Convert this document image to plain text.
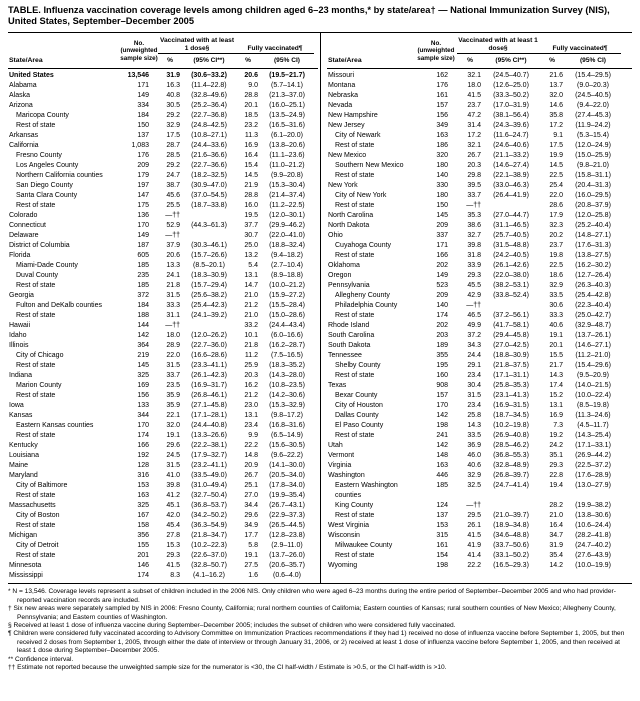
TABLE. Influenza vaccination coverage levels among children aged 6–23 months,* by state/area† — National Immunization Survey (NIS), United States, September–December 2005
State/Area
No. (unweighted sample size)
Vaccinated with at least 1 dose§	Fully vaccinated¶
%	(95% CI**)	%	(95% CI)
United States	13,546	31.9	(30.6–33.2)	20.6	(19.5–21.7)
Alabama	171	16.3	(11.4–22.8)	9.0	(5.7–14.1)
Alaska	149	40.8	(32.8–49.6)	28.8	(21.3–37.0)
Arizona	334	30.5	(25.2–36.4)	20.1	(16.0–25.1)
Maricopa County	184	29.2	(22.7–36.8)	18.5	(13.5–24.9)
Rest of state	150	32.9	(24.8–42.5)	23.2	(16.5–31.6)
Arkansas	137	17.5	(10.8–27.1)	11.3	(6.1–20.0)
California	1,083	28.7	(24.4–33.6)	16.9	(13.8–20.6)
Fresno County	176	28.5	(21.6–36.6)	16.4	(11.1–23.6)
Los Angeles County	209	29.2	(22.7–36.6)	15.4	(11.0–21.2)
Northern California counties	179	24.7	(18.2–32.5)	14.5	(9.9–20.8)
San Diego County	197	38.7	(30.9–47.0)	21.9	(15.3–30.4)
Santa Clara County	147	45.6	(37.0–54.5)	28.8	(21.4–37.4)
Rest of state	175	25.5	(18.7–33.8)	16.0	(11.2–22.5)
Colorado	136	—††	19.5	(12.0–30.1)
Connecticut	170	52.9	(44.3–61.3)	37.7	(29.9–46.2)
Delaware	149	—††	30.7	(22.0–41.0)
District of Columbia	187	37.9	(30.3–46.1)	25.0	(18.8–32.4)
Florida	605	20.6	(15.7–26.6)	13.2	(9.4–18.2)
Miami-Dade County	185	13.3	(8.5–20.1)	5.4	(2.7–10.4)
Duval County	235	24.1	(18.3–30.9)	13.1	(8.9–18.8)
Rest of state	185	21.8	(15.7–29.4)	14.7	(10.0–21.2)
Georgia	372	31.5	(25.6–38.2)	21.0	(15.9–27.2)
Fulton and DeKalb counties	184	33.3	(25.4–42.3)	21.2	(15.5–28.4)
Rest of state	188	31.1	(24.1–39.2)	21.0	(15.0–28.6)
Hawaii	144	—††	33.2	(24.4–43.4)
Idaho	142	18.0	(12.0–26.2)	10.1	(6.0–16.6)
Illinois	364	28.9	(22.7–36.0)	21.8	(16.2–28.7)
City of Chicago	219	22.0	(16.6–28.6)	11.2	(7.5–16.5)
Rest of state	145	31.5	(23.3–41.1)	25.9	(18.3–35.2)
Indiana	325	33.7	(26.1–42.3)	20.3	(14.3–28.0)
Marion County	169	23.5	(16.9–31.7)	16.2	(10.8–23.5)
Rest of state	156	35.9	(26.8–46.1)	21.2	(14.2–30.6)
Iowa	133	35.9	(27.1–45.8)	23.0	(15.3–32.9)
Kansas	344	22.1	(17.1–28.1)	13.1	(9.8–17.2)
Eastern Kansas counties	170	32.0	(24.4–40.8)	23.4	(16.8–31.6)
Rest of state	174	19.1	(13.3–26.6)	9.9	(6.5–14.9)
Kentucky	166	29.6	(22.2–38.1)	22.2	(15.6–30.5)
Louisiana	192	24.5	(17.9–32.7)	14.8	(9.6–22.2)
Maine	128	31.5	(23.2–41.1)	20.9	(14.1–30.0)
Maryland	316	41.0	(33.5–49.0)	26.7	(20.5–34.0)
City of Baltimore	153	39.8	(31.0–49.4)	25.1	(17.8–34.0)
Rest of state	163	41.2	(32.7–50.4)	27.0	(19.9–35.4)
Massachusetts	325	45.1	(36.8–53.7)	34.4	(26.7–43.1)
City of Boston	167	42.0	(34.2–50.2)	29.6	(22.9–37.3)
Rest of state	158	45.4	(36.3–54.9)	34.9	(26.5–44.5)
Michigan	356	27.8	(21.8–34.7)	17.7	(12.8–23.8)
City of Detroit	155	15.3	(10.2–22.3)	5.8	(2.9–11.0)
Rest of state	201	29.3	(22.6–37.0)	19.1	(13.7–26.0)
Minnesota	146	41.5	(32.8–50.7)	27.5	(20.6–35.7)
Mississippi	174	8.3	(4.1–16.2)	1.6	(0.6–4.0)
State/Area
No. (unweighted sample size)
Vaccinated with at least 1 dose§	Fully vaccinated¶
%	(95% CI**)	%	(95% CI)
Missouri	162	32.1	(24.5–40.7)	21.6	(15.4–29.5)
Montana	176	18.0	(12.6–25.0)	13.7	(9.0–20.3)
Nebraska	161	41.5	(33.3–50.2)	32.0	(24.5–40.5)
Nevada	157	23.7	(17.0–31.9)	14.6	(9.4–22.0)
New Hampshire	156	47.2	(38.1–56.4)	35.8	(27.4–45.3)
New Jersey	349	31.4	(24.3–39.6)	17.2	(11.9–24.2)
City of Newark	163	17.2	(11.6–24.7)	9.1	(5.3–15.4)
Rest of state	186	32.1	(24.6–40.6)	17.5	(12.0–24.9)
New Mexico	320	26.7	(21.1–33.2)	19.9	(15.0–25.9)
Southern New Mexico	180	20.3	(14.6–27.4)	14.5	(9.8–21.0)
Rest of state	140	29.8	(22.1–38.9)	22.5	(15.8–31.1)
New York	330	39.5	(33.0–46.3)	25.4	(20.4–31.3)
City of New York	180	33.7	(26.4–41.9)	22.0	(16.0–29.5)
Rest of state	150	—††	28.6	(20.8–37.9)
North Carolina	145	35.3	(27.0–44.7)	17.9	(12.0–25.8)
North Dakota	209	38.6	(31.1–46.5)	32.3	(25.2–40.4)
Ohio	337	32.7	(25.7–40.5)	20.2	(14.8–27.1)
Cuyahoga County	171	39.8	(31.5–48.8)	23.7	(17.6–31.3)
Rest of state	166	31.8	(24.2–40.5)	19.8	(13.8–27.5)
Oklahoma	202	33.9	(26.1–42.6)	22.5	(16.2–30.2)
Oregon	149	29.3	(22.0–38.0)	18.6	(12.7–26.4)
Pennsylvania	523	45.5	(38.2–53.1)	32.9	(26.3–40.3)
Allegheny County	209	42.9	(33.8–52.4)	33.5	(25.4–42.8)
Philadelphia County	140	—††	30.6	(22.3–40.4)
Rest of state	174	46.5	(37.2–56.1)	33.3	(25.0–42.7)
Rhode Island	202	49.9	(41.7–58.1)	40.6	(32.9–48.7)
South Carolina	203	37.2	(29.4–45.8)	19.1	(13.7–26.1)
South Dakota	189	34.3	(27.0–42.5)	20.1	(14.6–27.1)
Tennessee	355	24.4	(18.8–30.9)	15.5	(11.2–21.0)
Shelby County	195	29.1	(21.8–37.5)	21.7	(15.4–29.6)
Rest of state	160	23.4	(17.1–31.1)	14.3	(9.5–20.9)
Texas	908	30.4	(25.8–35.3)	17.4	(14.0–21.5)
Bexar County	157	31.5	(23.1–41.3)	15.2	(10.0–22.4)
City of Houston	170	23.4	(16.9–31.5)	13.1	(8.5–19.8)
Dallas County	142	25.8	(18.7–34.5)	16.9	(11.3–24.6)
El Paso County	198	14.3	(10.2–19.8)	7.3	(4.5–11.7)
Rest of state	241	33.5	(26.9–40.8)	19.2	(14.3–25.4)
Utah	142	36.9	(28.5–46.2)	24.2	(17.1–33.1)
Vermont	148	46.0	(36.8–55.3)	35.1	(26.9–44.2)
Virginia	163	40.6	(32.8–48.9)	29.3	(22.5–37.2)
Washington	446	32.9	(26.8–39.7)	22.8	(17.6–28.9)
Eastern Washington counties
185	32.5	(24.7–41.4)	19.4	(13.0–27.9)
King County	124	—††	28.2	(19.9–38.2)
Rest of state	137	29.5	(21.0–39.7)	21.0	(13.8–30.6)
West Virginia	153	26.1	(18.9–34.8)	16.4	(10.6–24.4)
Wisconsin	315	41.5	(34.6–48.8)	34.7	(28.2–41.8)
Milwaukee County	161	41.9	(33.7–50.6)	31.9	(24.7–40.2)
Rest of state	154	41.4	(33.1–50.2)	35.4	(27.6–43.9)
Wyoming	198	22.2	(16.5–29.3)	14.2	(10.0–19.9)
* N = 13,546. Coverage levels represent a subset of children included in the 2006 NIS. Only children who were aged 6–23 months during the entire period of September–December 2005 and who had provider-reported vaccination records are included.
† Six new areas were separately sampled by NIS in 2006: Fresno County, California; rural northern counties of California; Eastern counties of Kansas; rural southern counties of New Mexico; Allegheny County, Pennsylvania; and Eastern counties of Washington.
§ Received at least 1 dose of influenza vaccine during September–December 2005; includes the subset of children who were considered fully vaccinated.
¶ Children were considered fully vaccinated according to Advisory Committee on Immunization Practices recommendations if they had 1) received no dose of influenza vaccine before September 1, 2005, but then received 2 doses from September 1, 2005, through either the date of interview or through January 31, 2006, or 2) received at least 1 dose of influenza vaccine before September 1, 2005, and then received at least 1 dose during September–December 2005.
** Confidence interval.
†† Estimate not reported because the unweighted sample size for the numerator is <30, the CI half-width / Estimate is >0.5, or the CI half-width is >10.
